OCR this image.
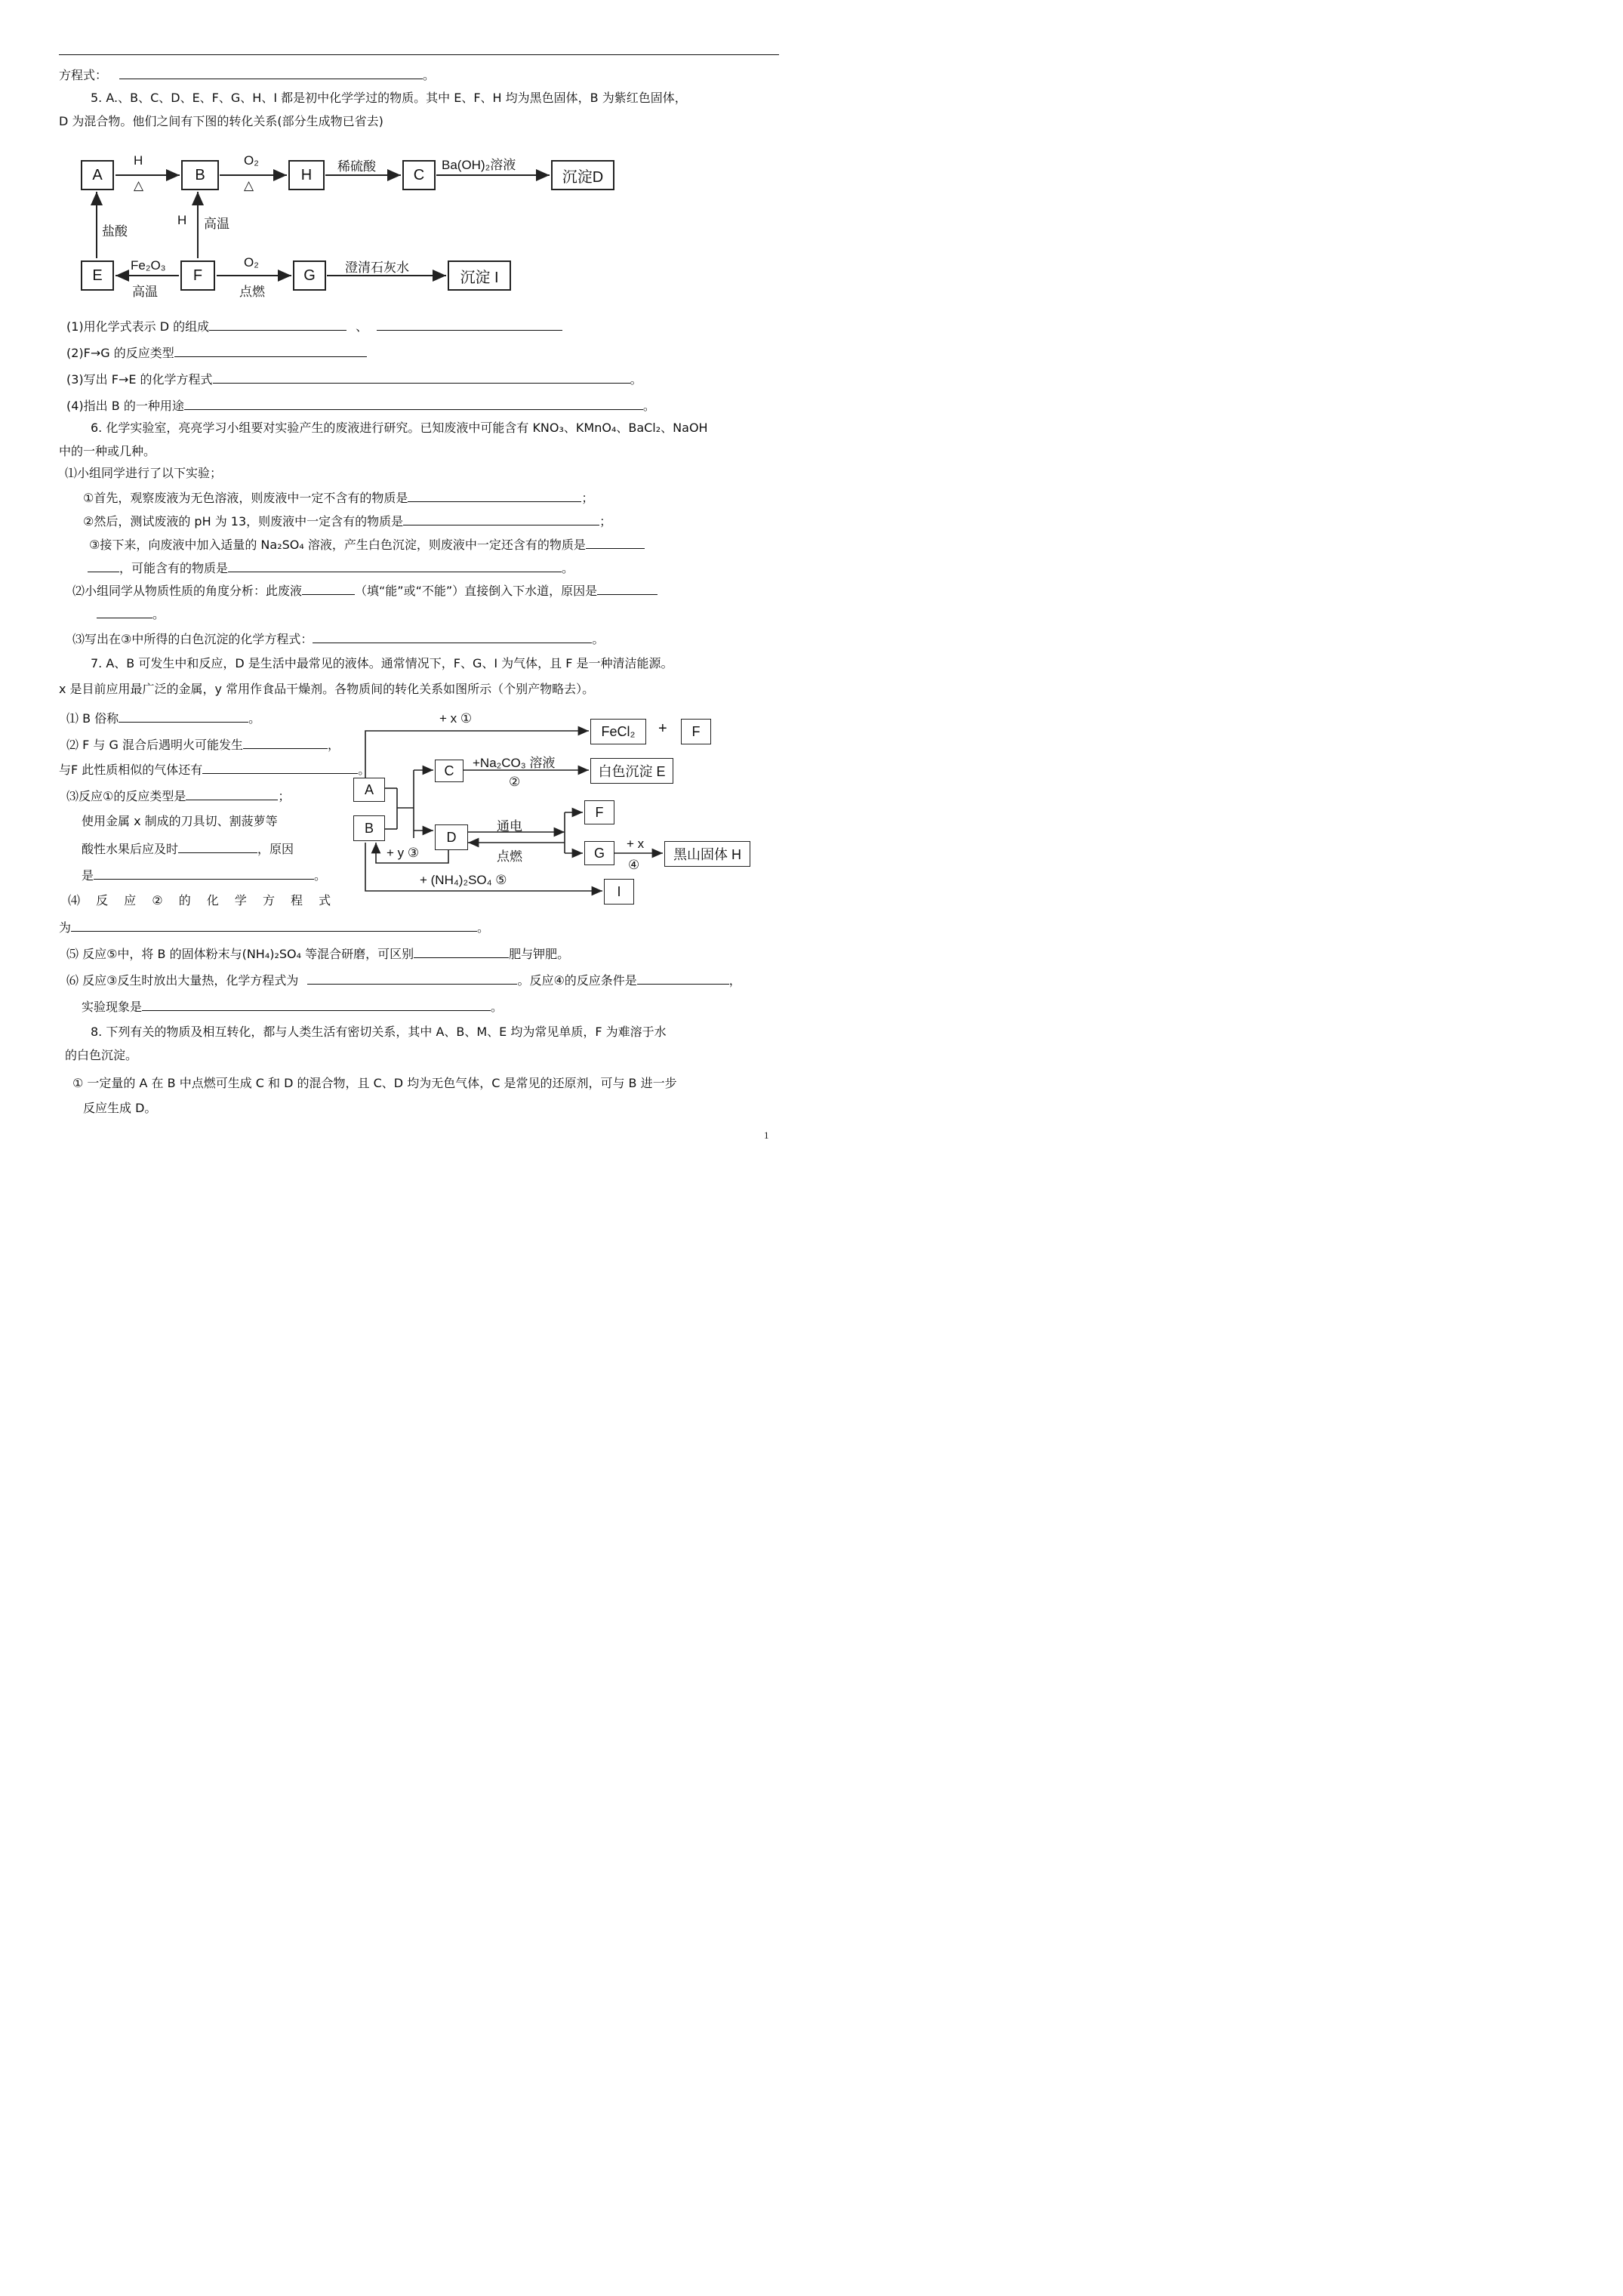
方程式：	。
5. A.、B、C、D、E、F、G、H、I 都是初中化学学过的物质。其中 E、F、H 均为黑色固体，B 为紫红色固体，
D 为混合物。他们之间有下图的转化关系(部分生成物已省去)
A	B	H	C	沉淀D
E	F	G	沉淀 I
H
△
O₂
△
稀硫酸	Ba(OH)₂溶液
盐酸
H 高温
Fe₂O₃
高温
O₂
点燃
澄清石灰水
(1)用化学式表示 D 的组成	、
(2)F→G 的反应类型
(3)写出 F→E 的化学方程式	。
(4)指出 B 的一种用途	。
6. 化学实验室，亮亮学习小组要对实验产生的废液进行研究。已知废液中可能含有 KNO₃、KMnO₄、BaCl₂、NaOH
中的一种或几种。
⑴小组同学进行了以下实验；
①首先，观察废液为无色溶液，则废液中一定不含有的物质是	；
②然后，测试废液的 pH 为 13，则废液中一定含有的物质是	；
③接下来，向废液中加入适量的 Na₂SO₄ 溶液，产生白色沉淀，则废液中一定还含有的物质是
，可能含有的物质是	。
⑵小组同学从物质性质的角度分析：此废液	（填“能”或“不能”）直接倒入下水道，原因是
。
⑶写出在③中所得的白色沉淀的化学方程式：	。
7. A、B 可发生中和反应，D 是生活中最常见的液体。通常情况下，F、G、I 为气体，且 F 是一种清洁能源。
x 是目前应用最广泛的金属，y 常用作食品干燥剂。各物质间的转化关系如图所示（个别产物略去）。
⑴ B 俗称	。
⑵ F 与 G 混合后遇明火可能发生	，
与F 此性质相似的气体还有	。
⑶反应①的反应类型是	；
使用金属 x 制成的刀具切、割菠萝等
酸性水果后应及时	，原因
是	。
⑷ 反 应 ② 的 化 学 方 程 式
为	。
⑸ 反应⑤中，将 B 的固体粉末与(NH₄)₂SO₄ 等混合研磨，可区别	肥与钾肥。
⑹ 反应③反生时放出大量热，化学方程式为	。反应④的反应条件是	，
实验现象是	。
A
B
C
D
FeCl₂	+	F
白色沉淀 E
F
G	黑山固体 H
I
+ x ①
+Na₂CO₃ 溶液
②
通电
点燃
+ y ③
+ x
④
+ (NH₄)₂SO₄ ⑤
8. 下列有关的物质及相互转化，都与人类生活有密切关系，其中 A、B、M、E 均为常见单质，F 为难溶于水
的白色沉淀。
① 一定量的 A 在 B 中点燃可生成 C 和 D 的混合物，且 C、D 均为无色气体，C 是常见的还原剂，可与 B 进一步
反应生成 D。
1
